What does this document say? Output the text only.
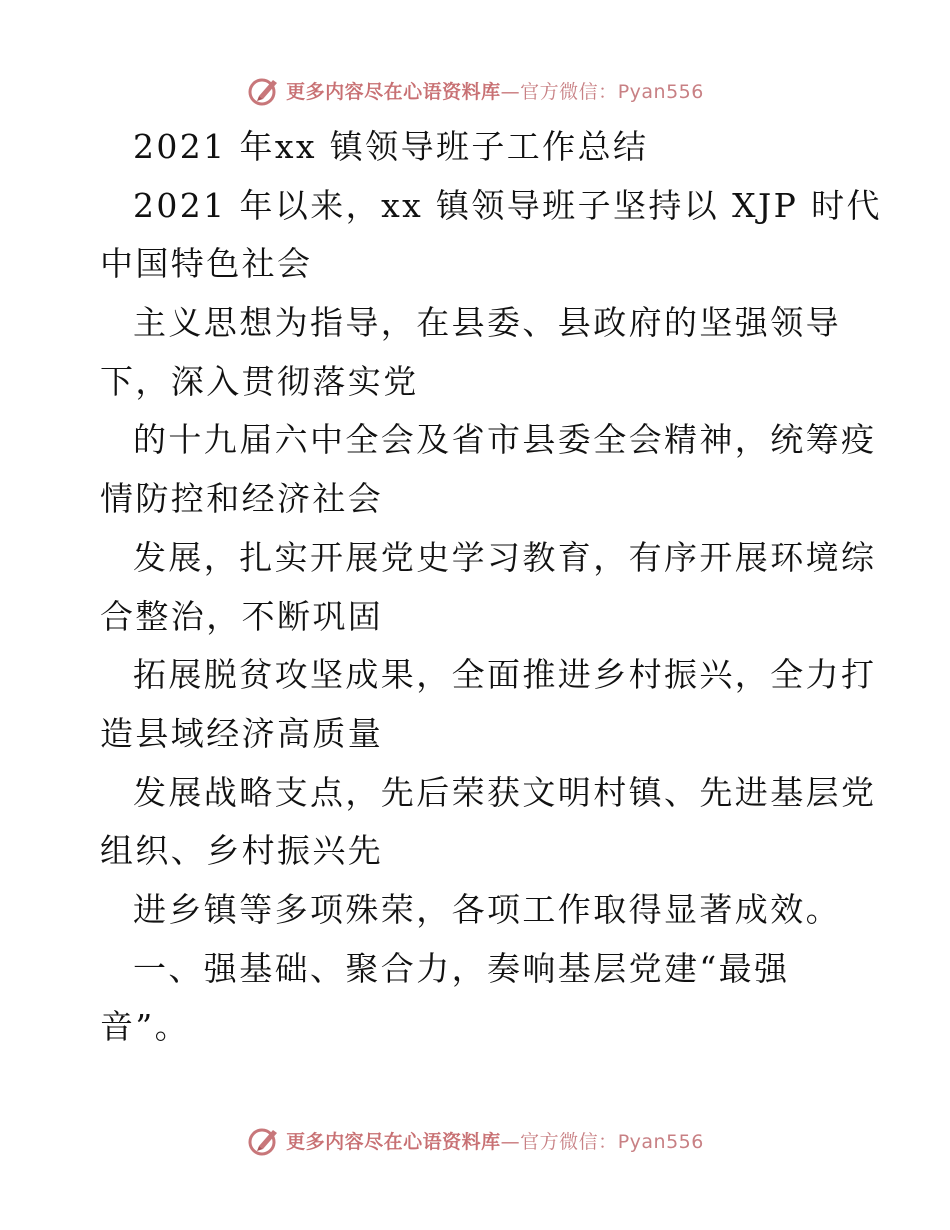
更多内容尽在心语资料库—官方微信：Pyan556
2021 年xx 镇领导班子工作总结
2021 年以来，xx 镇领导班子坚持以 XJP 时代
中国特色社会
主义思想为指导，在县委、县政府的坚强领导
下，深入贯彻落实党
的十九届六中全会及省市县委全会精神，统筹疫
情防控和经济社会
发展，扎实开展党史学习教育，有序开展环境综
合整治，不断巩固
拓展脱贫攻坚成果，全面推进乡村振兴，全力打
造县域经济高质量
发展战略支点，先后荣获文明村镇、先进基层党
组织、乡村振兴先
进乡镇等多项殊荣，各项工作取得显著成效。
一、强基础、聚合力，奏响基层党建“最强
音”。
更多内容尽在心语资料库—官方微信：Pyan556
